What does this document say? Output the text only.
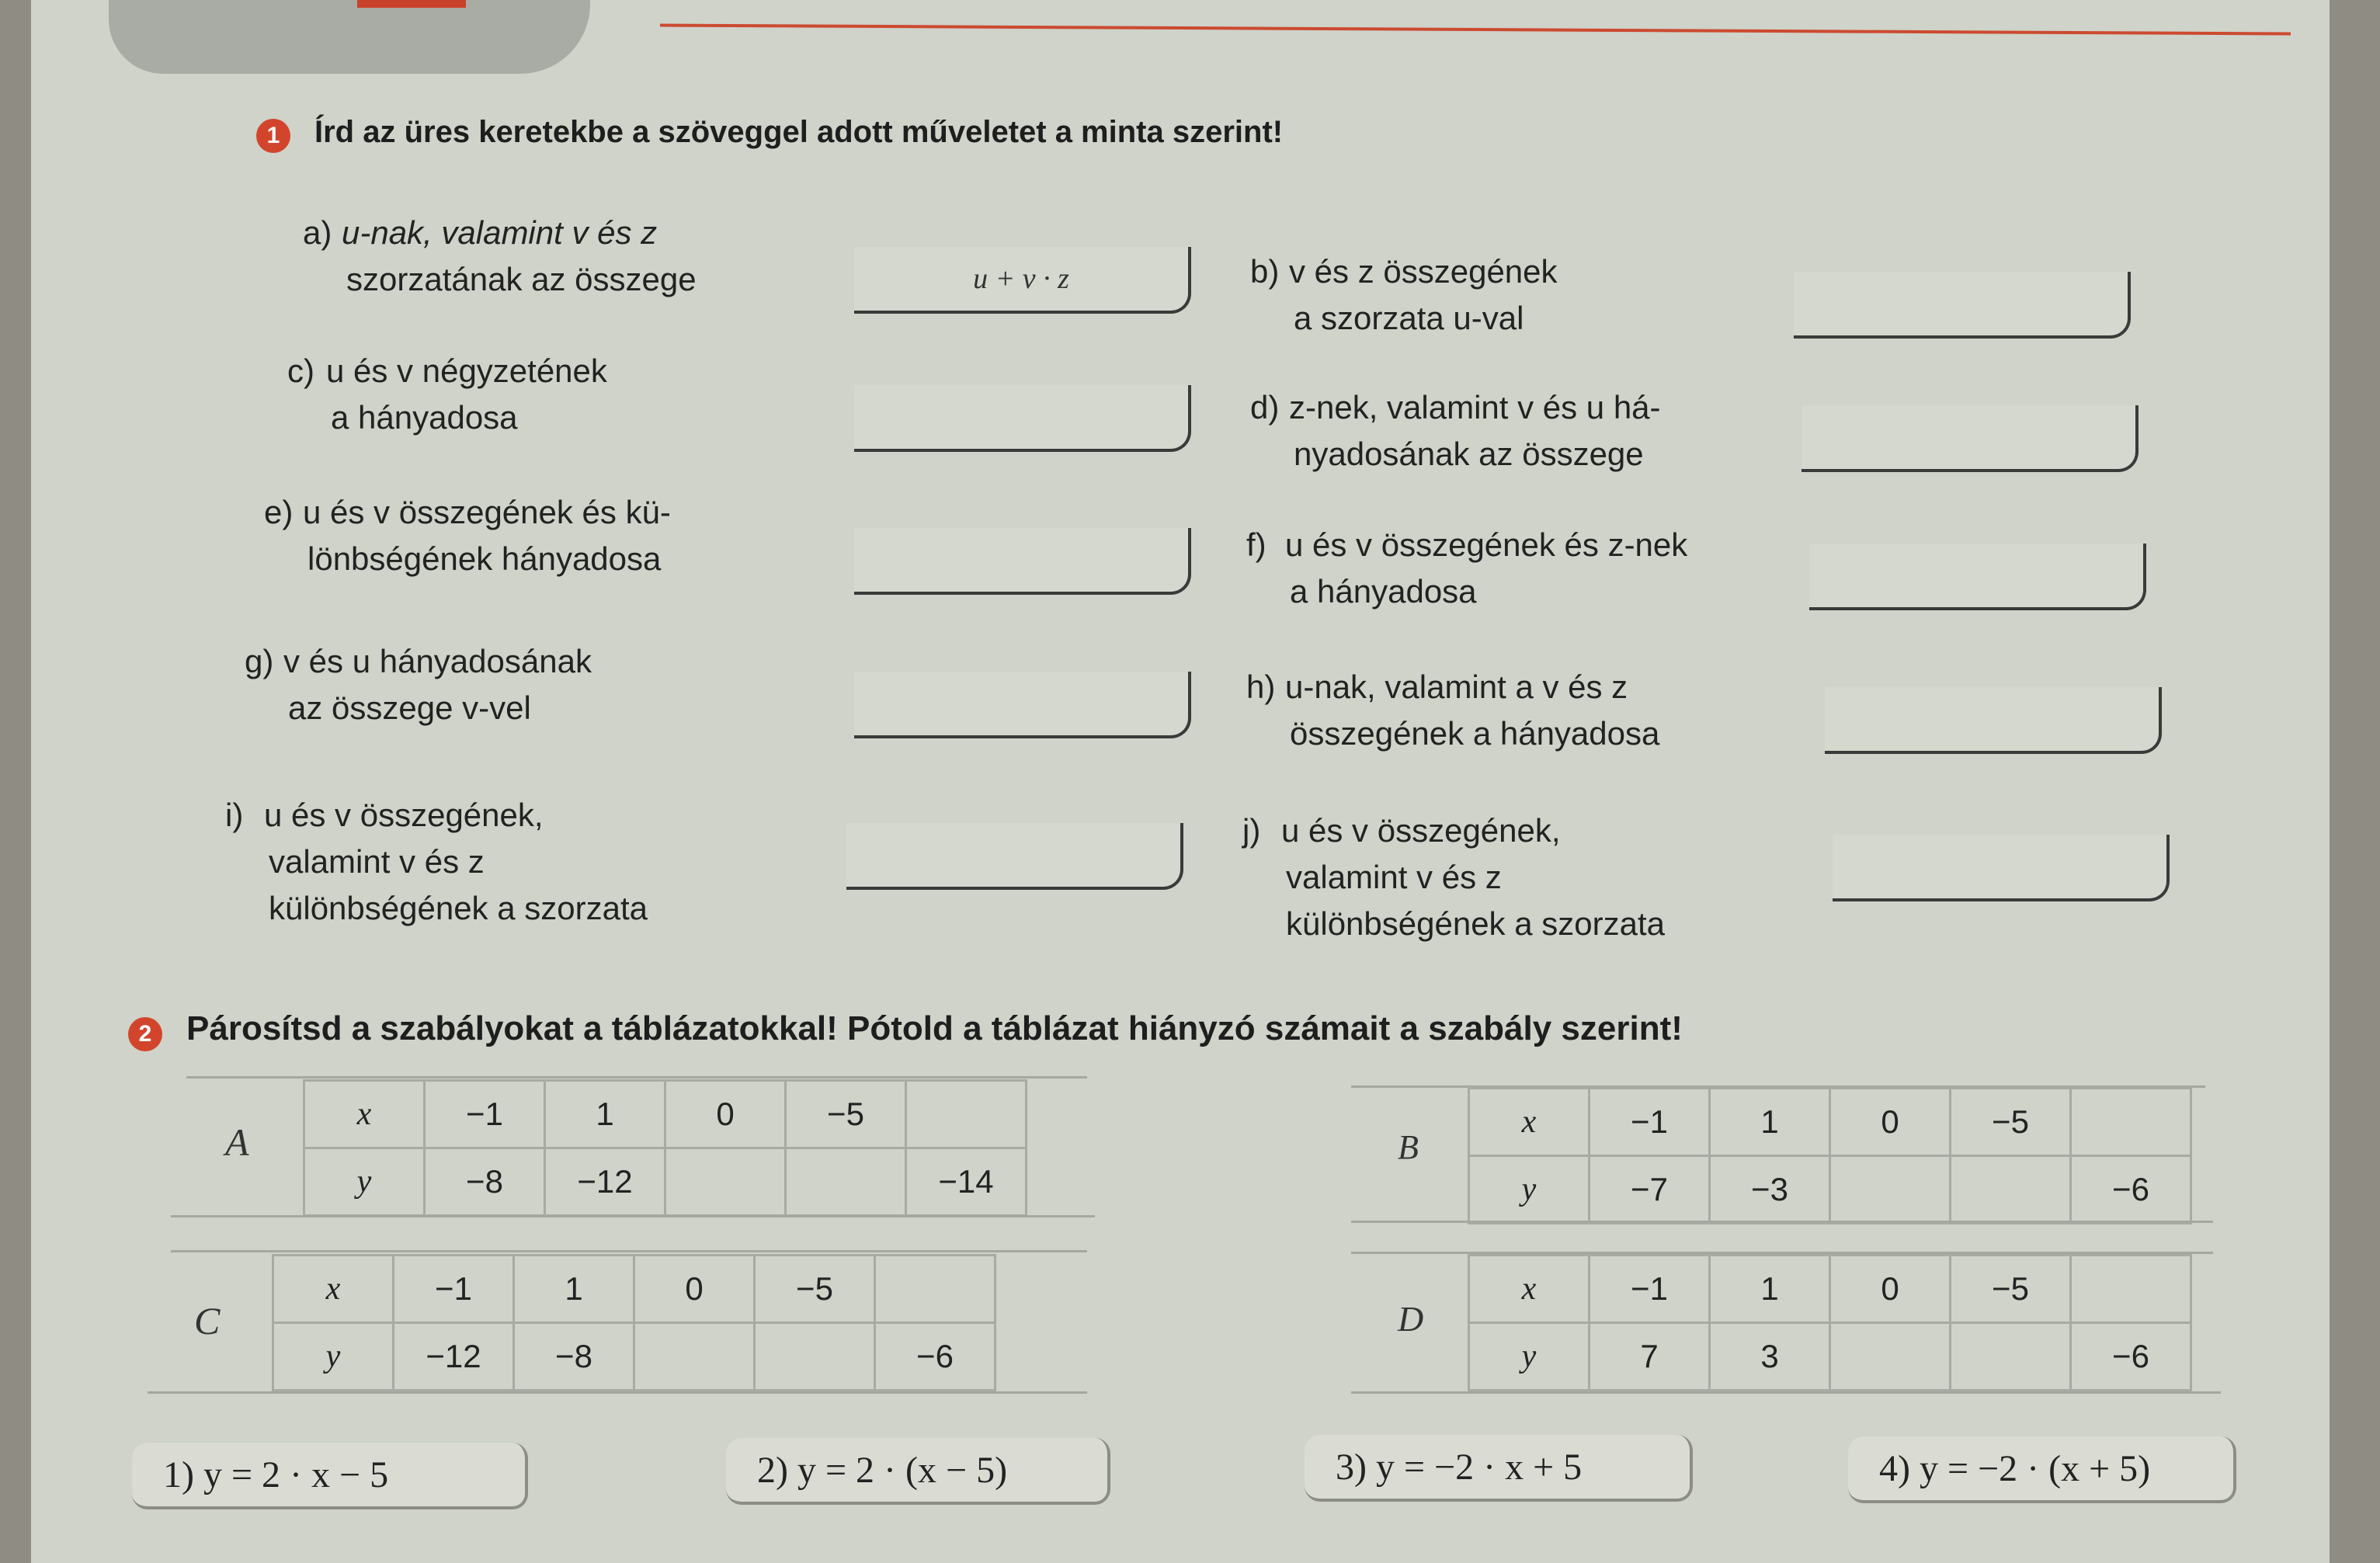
1	Írd az üres keretekbe a szöveggel adott műveletet a minta szerint!
a) u-nak, valamint v és z
szorzatának az összege	u + v · z	b) v és z összegének
a szorzata u-val
c) u és v négyzetének
a hányadosa	d) z-nek, valamint v és u há-
nyadosának az összege
e) u és v összegének és kü-
lönbségének hányadosa	f) u és v összegének és z-nek
a hányadosa
g) v és u hányadosának
az összege v-vel
h) u-nak, valamint a v és z
összegének a hányadosa
i) u és v összegének,
valamint v és z
különbségének a szorzata
j) u és v összegének,
valamint v és z
különbségének a szorzata
2	Párosítsd a szabályokat a táblázatokkal! Pótold a táblázat hiányzó számait a szabály szerint!
A
x	−1	1	0	−5	
y	−8	−12			−14
B
x	−1	1	0	−5	
y	−7	−3			−6
C
x	−1	1	0	−5	
y	−12	−8			−6
D
x	−1	1	0	−5	
y	7	3			−6
1) y = 2 · x − 5	2) y = 2 · (x − 5)	3) y = −2 · x + 5	4) y = −2 · (x + 5)
